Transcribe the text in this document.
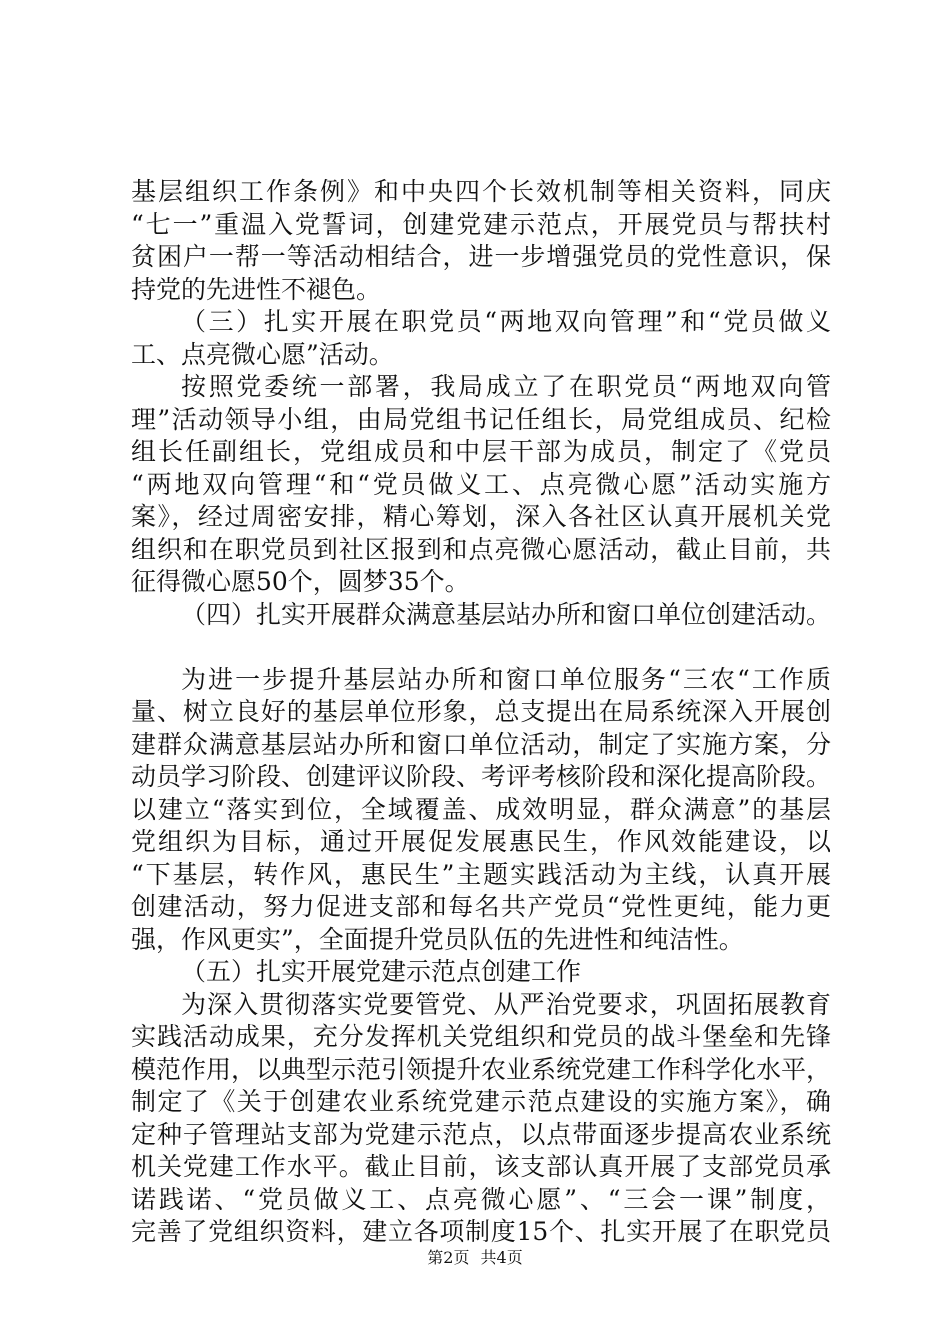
基层组织工作条例》和中央四个长效机制等相关资料，同庆
“七一”重温入党誓词，创建党建示范点，开展党员与帮扶村
贫困户一帮一等活动相结合，进一步增强党员的党性意识，保
持党的先进性不褪色。
（三）扎实开展在职党员“两地双向管理”和“党员做义
工、点亮微心愿”活动。
按照党委统一部署，我局成立了在职党员“两地双向管
理”活动领导小组，由局党组书记任组长，局党组成员、纪检
组长任副组长，党组成员和中层干部为成员，制定了《党员
“两地双向管理“和“党员做义工、点亮微心愿”活动实施方
案》，经过周密安排，精心筹划，深入各社区认真开展机关党
组织和在职党员到社区报到和点亮微心愿活动，截止目前，共
征得微心愿50个，圆梦35个。
（四）扎实开展群众满意基层站办所和窗口单位创建活动。
为进一步提升基层站办所和窗口单位服务“三农“工作质
量、树立良好的基层单位形象，总支提出在局系统深入开展创
建群众满意基层站办所和窗口单位活动，制定了实施方案，分
动员学习阶段、创建评议阶段、考评考核阶段和深化提高阶段。
以建立“落实到位，全域覆盖、成效明显，群众满意”的基层
党组织为目标，通过开展促发展惠民生，作风效能建设，以
“下基层，转作风，惠民生”主题实践活动为主线，认真开展
创建活动，努力促进支部和每名共产党员“党性更纯，能力更
强，作风更实”，全面提升党员队伍的先进性和纯洁性。
（五）扎实开展党建示范点创建工作
为深入贯彻落实党要管党、从严治党要求，巩固拓展教育
实践活动成果，充分发挥机关党组织和党员的战斗堡垒和先锋
模范作用，以典型示范引领提升农业系统党建工作科学化水平，
制定了《关于创建农业系统党建示范点建设的实施方案》，确
定种子管理站支部为党建示范点，以点带面逐步提高农业系统
机关党建工作水平。截止目前，该支部认真开展了支部党员承
诺践诺、“党员做义工、点亮微心愿”、“三会一课”制度，
完善了党组织资料，建立各项制度15个、扎实开展了在职党员
第2页 共4页
